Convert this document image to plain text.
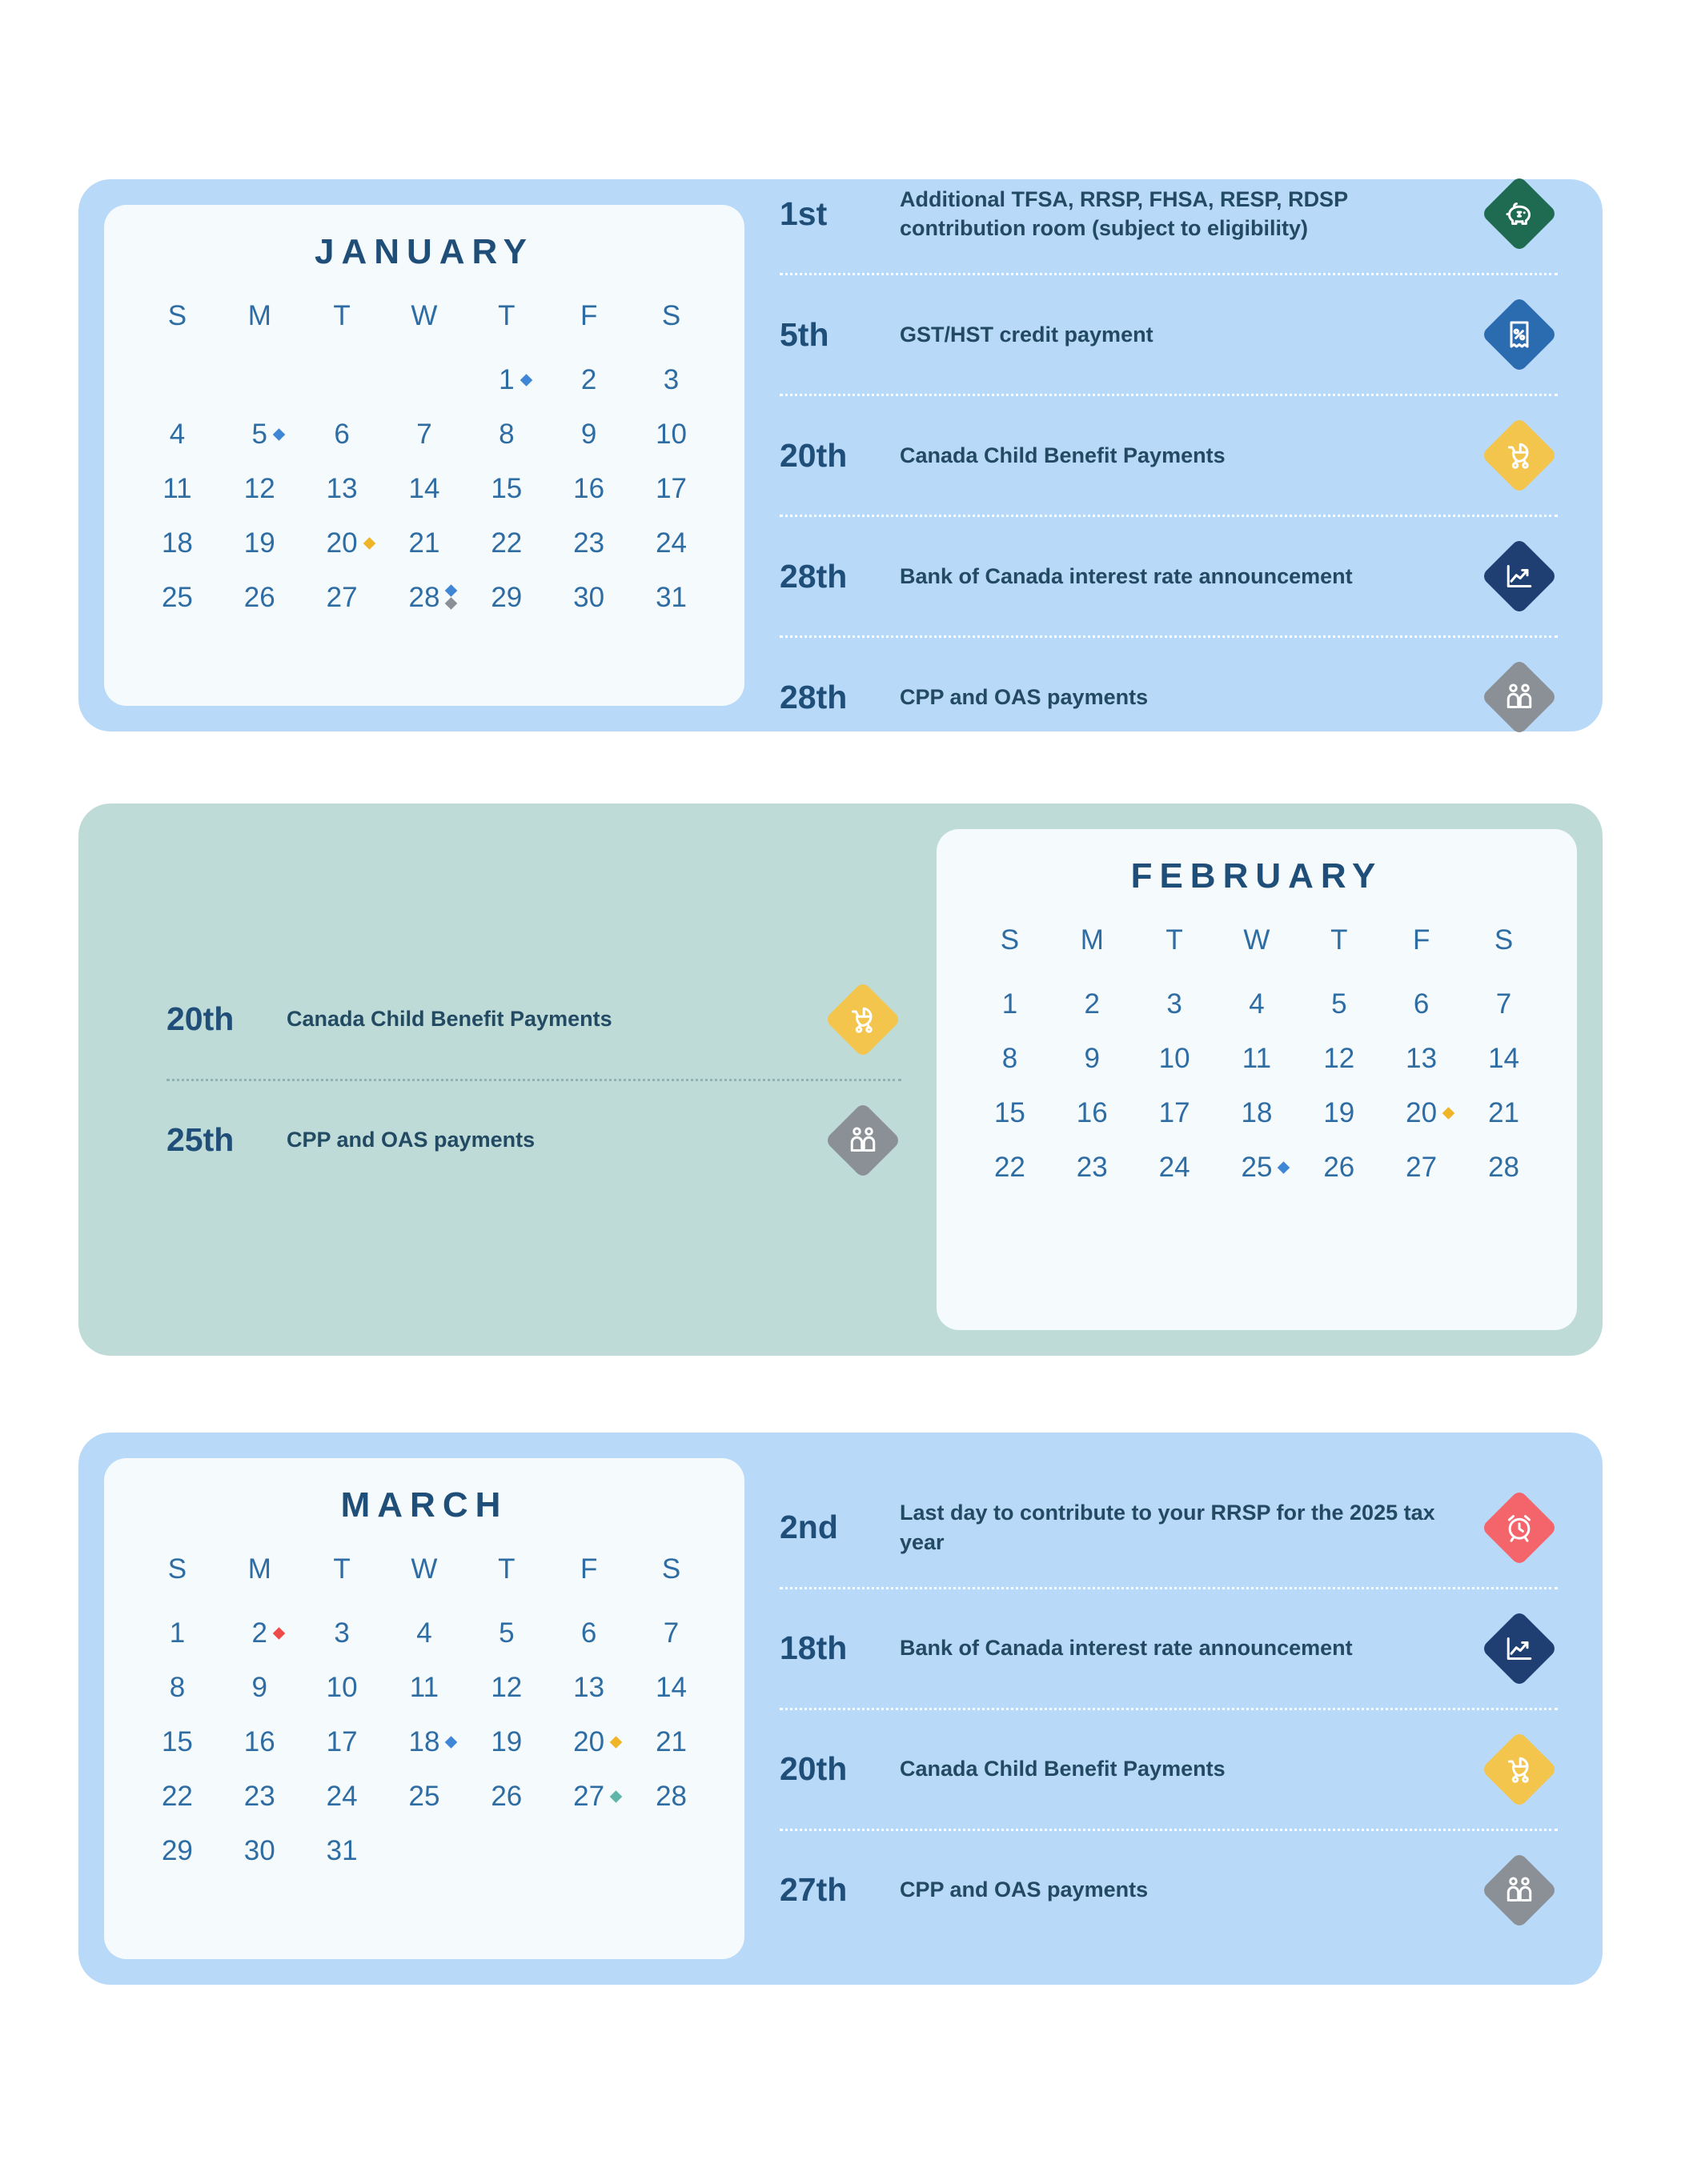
JANUARY
S	M	T	W	T	F	S
				1	2	3
4	5	6	7	8	9	10
11	12	13	14	15	16	17
18	19	20	21	22	23	24
25	26	27	28	29	30	31
1st	Additional TFSA, RRSP, FHSA, RESP, RDSP contribution room (subject to eligibility)
5th	GST/HST credit payment
20th	Canada Child Benefit Payments
28th	Bank of Canada interest rate announcement
28th	CPP and OAS payments
FEBRUARY
S	M	T	W	T	F	S
1	2	3	4	5	6	7
8	9	10	11	12	13	14
15	16	17	18	19	20	21
22	23	24	25	26	27	28
20th	Canada Child Benefit Payments
25th	CPP and OAS payments
MARCH
S	M	T	W	T	F	S
1	2	3	4	5	6	7
8	9	10	11	12	13	14
15	16	17	18	19	20	21
22	23	24	25	26	27	28
29	30	31				
2nd	Last day to contribute to your RRSP for the 2025 tax year
18th	Bank of Canada interest rate announcement
20th	Canada Child Benefit Payments
27th	CPP and OAS payments
